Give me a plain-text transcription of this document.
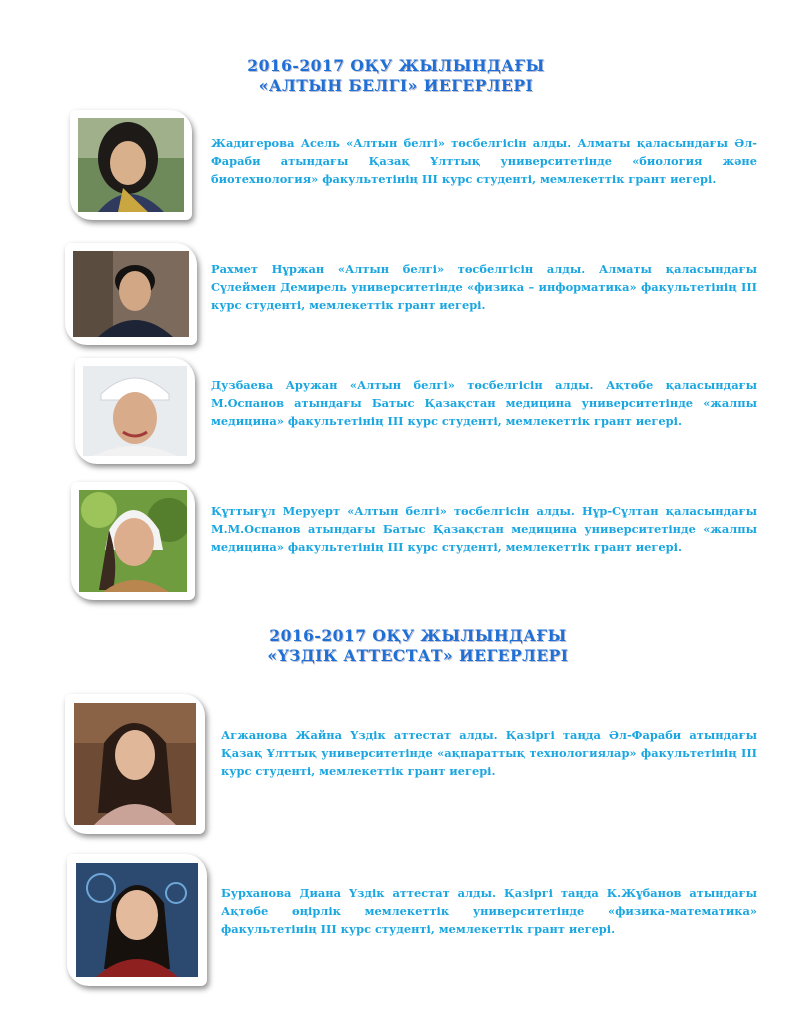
2016-2017 ОҚУ ЖЫЛЫНДАҒЫ
«АЛТЫН БЕЛГІ» ИЕГЕРЛЕРІ
Жадигерова Асель «Алтын белгі» төсбелгісін алды. Алматы қаласындағы Әл-Фараби атындағы Қазақ Ұлттық университетінде «биология және биотехнология» факультетінің III курс студенті, мемлекеттік грант иегері.
Рахмет Нұржан «Алтын белгі» төсбелгісін алды. Алматы қаласындағы Сүлеймен Демирель университетінде «физика – информатика» факультетінің III курс студенті, мемлекеттік грант иегері.
Дузбаева Аружан «Алтын белгі» төсбелгісін алды. Ақтөбе қаласындағы М.Оспанов атындағы Батыс Қазақстан медицина университетінде «жалпы медицина» факультетінің III курс студенті, мемлекеттік грант иегері.
Құттығұл Меруерт «Алтын белгі» төсбелгісін алды. Нұр-Сұлтан қаласындағы М.М.Оспанов атындағы Батыс Қазақстан медицина университетінде «жалпы медицина» факультетінің III курс студенті, мемлекеттік грант иегері.
2016-2017 ОҚУ ЖЫЛЫНДАҒЫ
«ҮЗДІК АТТЕСТАТ» ИЕГЕРЛЕРІ
Агжанова Жайна Үздік аттестат алды. Қазіргі таңда Әл-Фараби атындағы Қазақ Ұлттық университетінде «ақпараттық технологиялар» факультетінің III курс студенті, мемлекеттік грант иегері.
Бурханова Диана Үздік аттестат алды. Қазіргі таңда К.Жұбанов атындағы Ақтөбе өңірлік мемлекеттік университетінде «физика-математика» факультетінің III курс студенті, мемлекеттік грант иегері.
